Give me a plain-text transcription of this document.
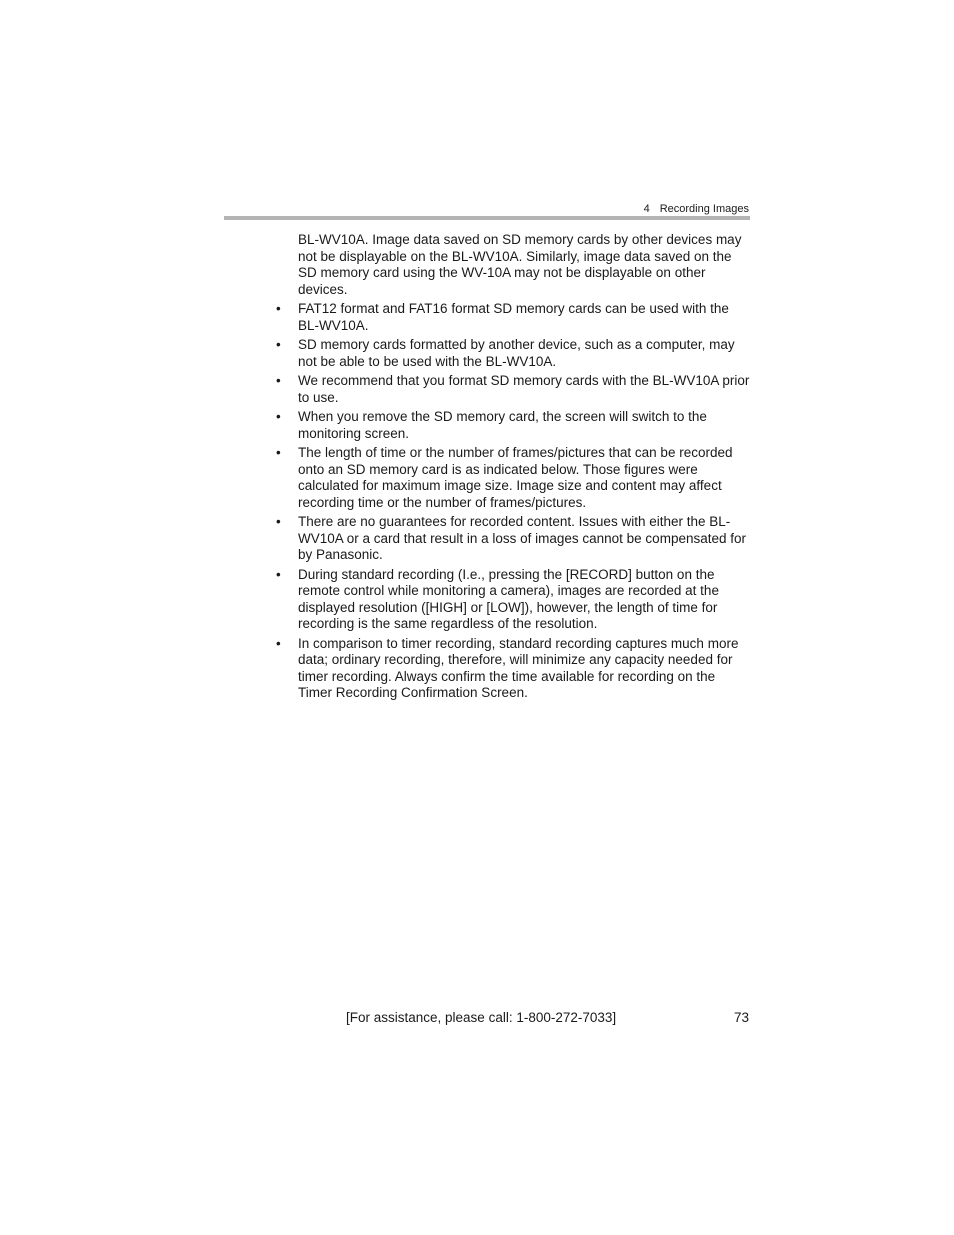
4 Recording Images

BL-WV10A. Image data saved on SD memory cards by other devices may not be displayable on the BL-WV10A. Similarly, image data saved on the SD memory card using the WV-10A may not be displayable on other devices.

•	FAT12 format and FAT16 format SD memory cards can be used with the BL-WV10A.
•	SD memory cards formatted by another device, such as a computer, may not be able to be used with the BL-WV10A.
•	We recommend that you format SD memory cards with the BL-WV10A prior to use.
•	When you remove the SD memory card, the screen will switch to the monitoring screen.
•	The length of time or the number of frames/pictures that can be recorded onto an SD memory card is as indicated below. Those figures were calculated for maximum image size. Image size and content may affect recording time or the number of frames/pictures.
•	There are no guarantees for recorded content. Issues with either the BL-WV10A or a card that result in a loss of images cannot be compensated for by Panasonic.
•	During standard recording (I.e., pressing the [RECORD] button on the remote control while monitoring a camera), images are recorded at the displayed resolution ([HIGH] or [LOW]), however, the length of time for recording is the same regardless of the resolution.
•	In comparison to timer recording, standard recording captures much more data; ordinary recording, therefore, will minimize any capacity needed for timer recording. Always confirm the time available for recording on the Timer Recording Confirmation Screen.
[For assistance, please call: 1-800-272-7033]	73
